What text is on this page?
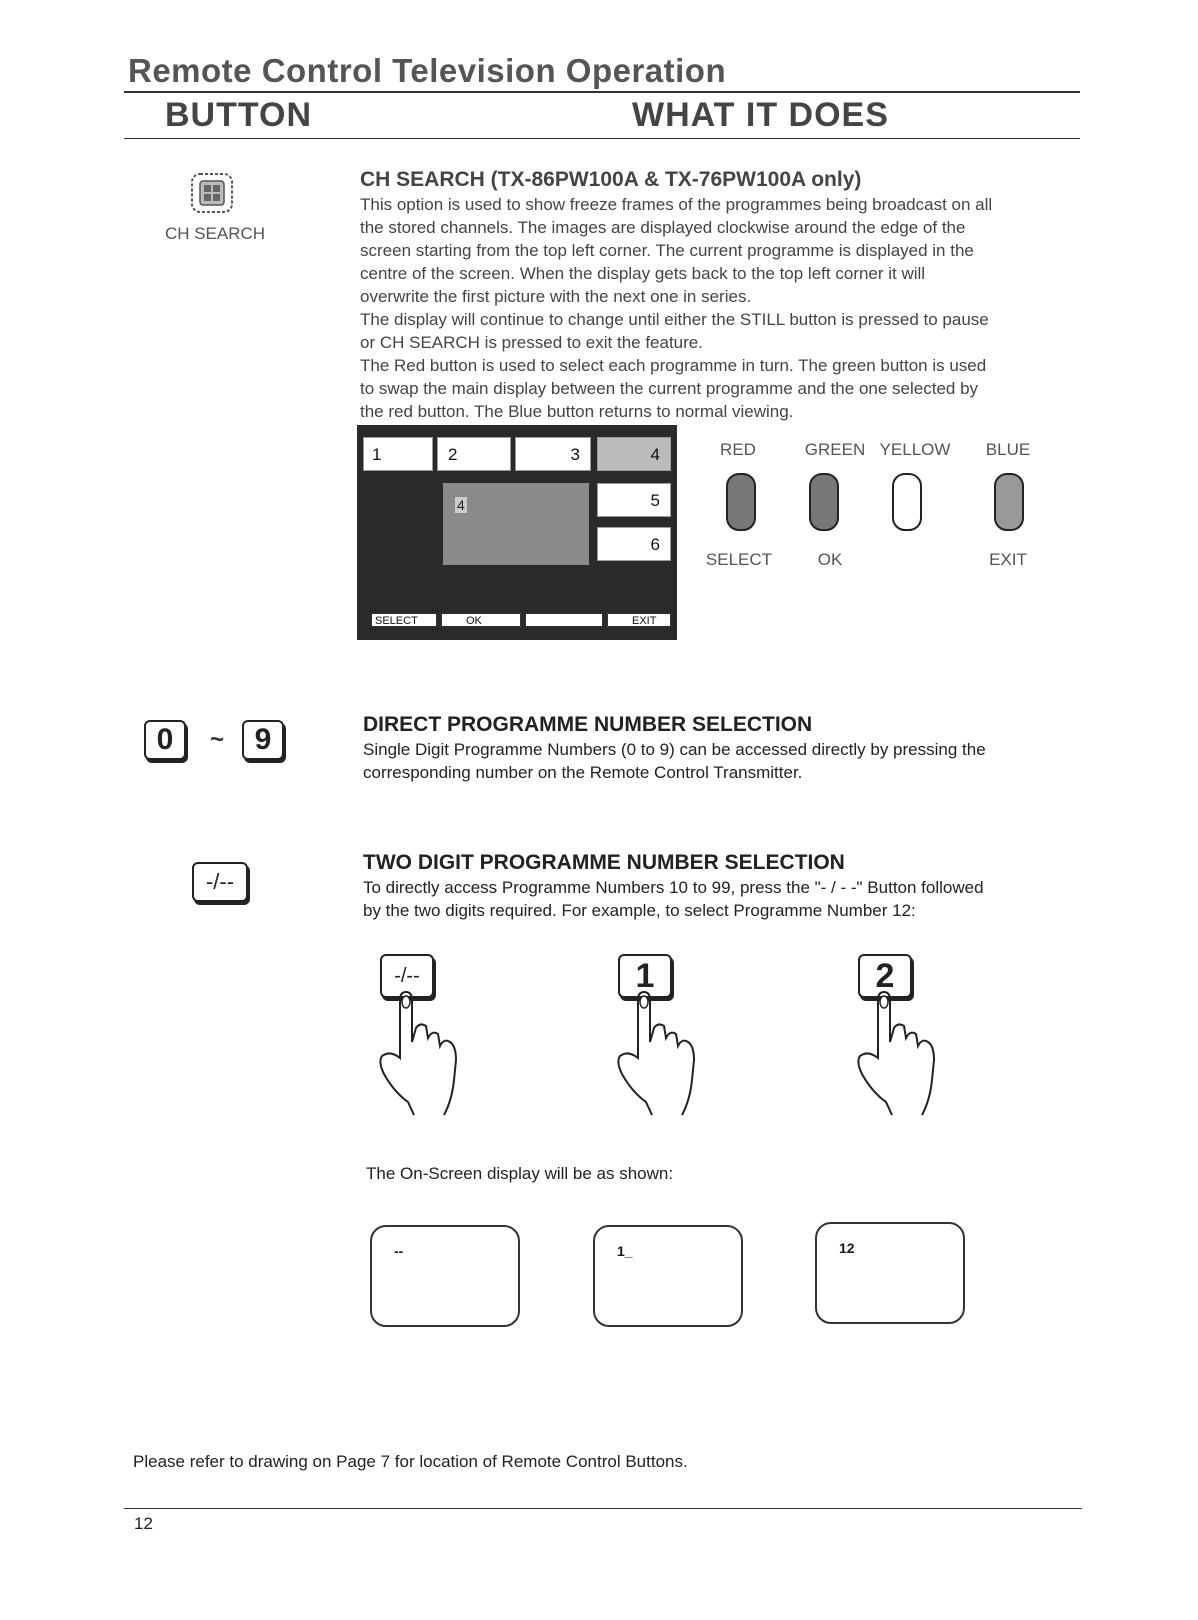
Remote Control Television Operation
BUTTON	WHAT IT DOES
CH SEARCH
CH SEARCH (TX-86PW100A & TX-76PW100A only)
This option is used to show freeze frames of the programmes being broadcast on all
the stored channels. The images are displayed clockwise around the edge of the
screen starting from the top left corner. The current programme is displayed in the
centre of the screen. When the display gets back to the top left corner it will
overwrite the first picture with the next one in series.
The display will continue to change until either the STILL button is pressed to pause
or CH SEARCH is pressed to exit the feature.
The Red button is used to select each programme in turn. The green button is used
to swap the main display between the current programme and the one selected by
the red button. The Blue button returns to normal viewing.
1	2	3	4
5
6
4
SELECT	OK	EXIT
RED	GREEN YELLOW	BLUE
SELECT	OK	EXIT
0	~	9	DIRECT PROGRAMME NUMBER SELECTION
Single Digit Programme Numbers (0 to 9) can be accessed directly by pressing the
corresponding number on the Remote Control Transmitter.
-/--
TWO DIGIT PROGRAMME NUMBER SELECTION
To directly access Programme Numbers 10 to 99, press the "- / - -" Button followed
by the two digits required. For example, to select Programme Number 12:
-/--	1	2
The On-Screen display will be as shown:
--	1_	12
Please refer to drawing on Page 7 for location of Remote Control Buttons.
12
